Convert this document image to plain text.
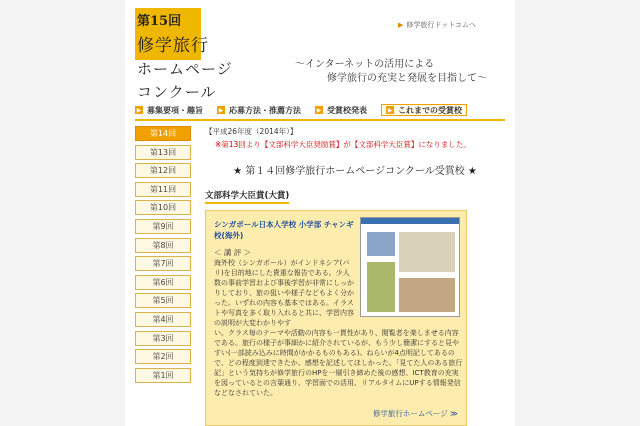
第15回
修学旅行
ホームページ
コンクール
▶ 修学旅行ドットコムへ
～インターネットの活用による
修学旅行の充実と発展を目指して～
▶ 募集要項・趣旨	▶ 応募方法・推薦方法	▶ 受賞校発表	▶ これまでの受賞校
第14回
第13回
第12回
第11回
第10回
第9回
第8回
第7回
第6回
第5回
第4回
第3回
第2回
第1回
【平成26年度（2014年）】
※第13回より【文部科学大臣奨励賞】が【文部科学大臣賞】になりました。
★ 第１４回修学旅行ホームページコンクール受賞校 ★
文部科学大臣賞(大賞)
シンガポール日本人学校 小学部 チャンギ校(海外)
＜ 講 評 ＞
海外校（シンガポール）がインドネシア(バリ)を目的地にした貴重な報告である。少人数の事前学習および事後学習が非常にしっかりしており、旅の狙いや様子などもよく分かった。いずれの内容も基本ではある。イラストや写真を多く取り入れると共に、学習内容の説明が大変わかりやす
い。クラス毎のテーマや活動の内容も一貫性があり、閲覧者を楽しませる内容である。旅行の様子が事細かに紹介されているが、もう少し簡潔にすると見やすい(一部読み込みに時間がかかるものもある)。ねらいが4点明記してあるので、どの程度到達できたか、感想を記述してほしかった。「見てた人のある旅行記」という気持ちが修学旅行のHPを一層引き締めた後の感想、ICT教育の充実を図っているとの言葉通り、学習面での活用、リアルタイムにUPする情報発信などなされていた。
修学旅行ホームページ ≫
